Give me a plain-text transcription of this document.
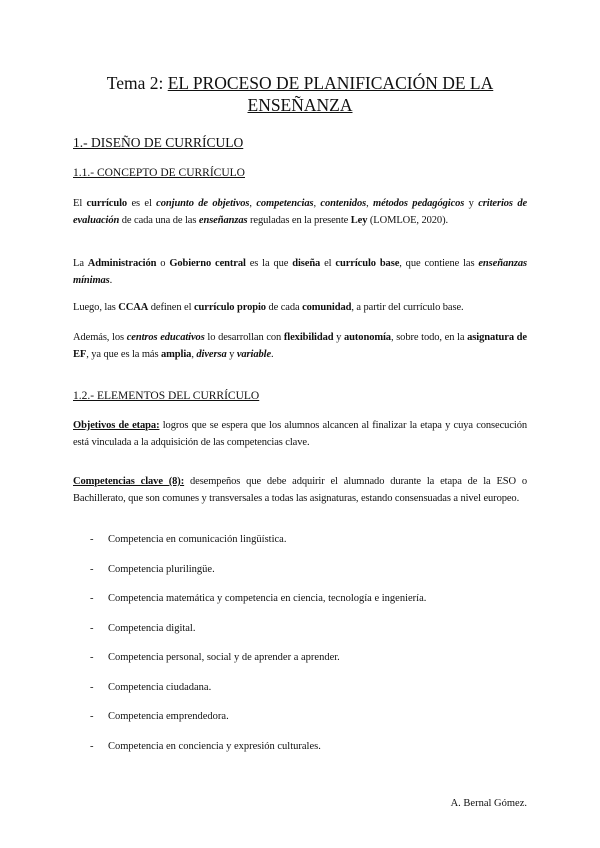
Tema 2: EL PROCESO DE PLANIFICACIÓN DE LA
ENSEÑANZA
1.- DISEÑO DE CURRÍCULO
1.1.- CONCEPTO DE CURRÍCULO
El currículo es el conjunto de objetivos, competencias, contenidos, métodos pedagógicos y criterios de evaluación de cada una de las enseñanzas reguladas en la presente Ley (LOMLOE, 2020).
La Administración o Gobierno central es la que diseña el currículo base, que contiene las enseñanzas mínimas.
Luego, las CCAA definen el currículo propio de cada comunidad, a partir del currículo base.
Además, los centros educativos lo desarrollan con flexibilidad y autonomía, sobre todo, en la asignatura de EF, ya que es la más amplia, diversa y variable.
1.2.- ELEMENTOS DEL CURRÍCULO
Objetivos de etapa: logros que se espera que los alumnos alcancen al finalizar la etapa y cuya consecución está vinculada a la adquisición de las competencias clave.
Competencias clave (8): desempeños que debe adquirir el alumnado durante la etapa de la ESO o Bachillerato, que son comunes y transversales a todas las asignaturas, estando consensuadas a nivel europeo.
- Competencia en comunicación lingüística.
- Competencia plurilingüe.
- Competencia matemática y competencia en ciencia, tecnología e ingeniería.
- Competencia digital.
- Competencia personal, social y de aprender a aprender.
- Competencia ciudadana.
- Competencia emprendedora.
- Competencia en conciencia y expresión culturales.
A. Bernal Gómez.
